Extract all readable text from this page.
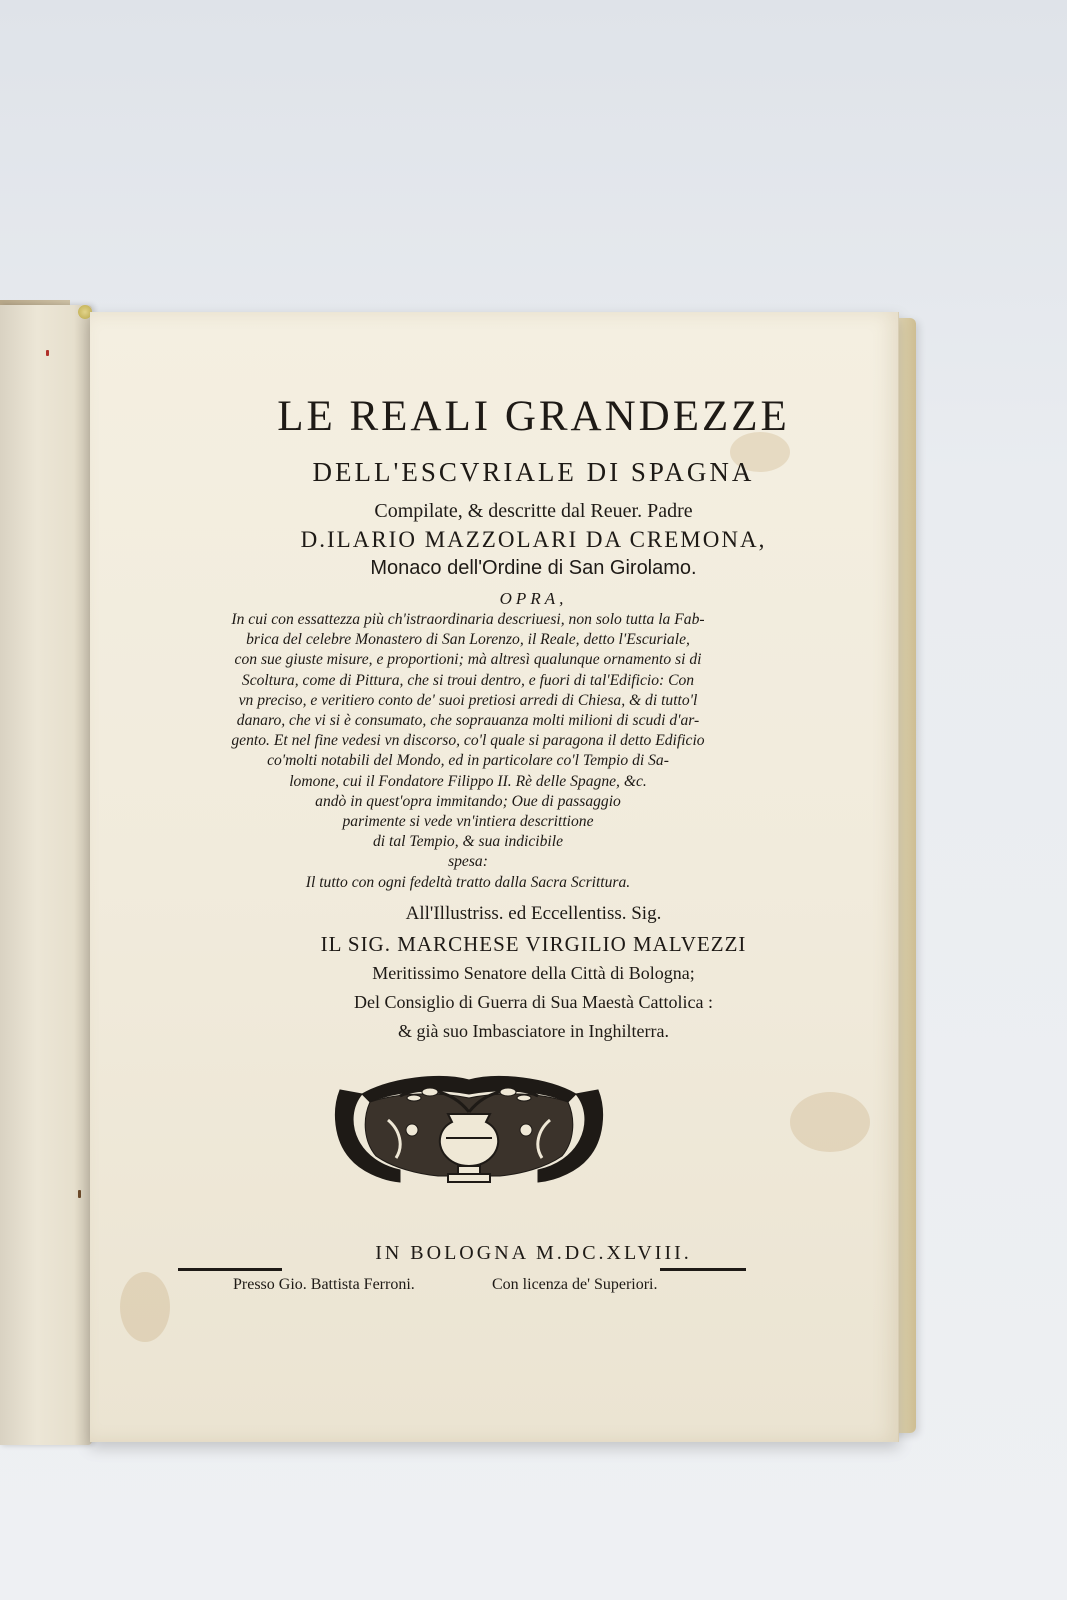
LE REALI GRANDEZZE
DELL'ESCVRIALE DI SPAGNA
Compilate, & descritte dal Reuer. Padre
D.ILARIO MAZZOLARI DA CREMONA,
Monaco dell'Ordine di San Girolamo.
OPRA,
In cui con essattezza più ch'istraordinaria descriuesi, non solo tutta la Fab-
brica del celebre Monastero di San Lorenzo, il Reale, detto l'Escuriale,
con sue giuste misure, e proportioni; mà altresì qualunque ornamento si di
Scoltura, come di Pittura, che si troui dentro, e fuori di tal'Edificio: Con
vn preciso, e veritiero conto de' suoi pretiosi arredi di Chiesa, & di tutto'l
danaro, che vi si è consumato, che soprauanza molti milioni di scudi d'ar-
gento. Et nel fine vedesi vn discorso, co'l quale si paragona il detto Edificio
co'molti notabili del Mondo, ed in particolare co'l Tempio di Sa-
lomone, cui il Fondatore Filippo II. Rè delle Spagne, &c.
andò in quest'opra immitando; Oue di passaggio
parimente si vede vn'intiera descrittione
di tal Tempio, & sua indicibile
spesa:
Il tutto con ogni fedeltà tratto dalla Sacra Scrittura.
All'Illustriss. ed Eccellentiss. Sig.
IL SIG. MARCHESE VIRGILIO MALVEZZI
Meritissimo Senatore della Città di Bologna;
Del Consiglio di Guerra di Sua Maestà Cattolica :
& già suo Imbasciatore in Inghilterra.
IN BOLOGNA M.DC.XLVIII.
Presso Gio. Battista Ferroni.	Con licenza de' Superiori.
